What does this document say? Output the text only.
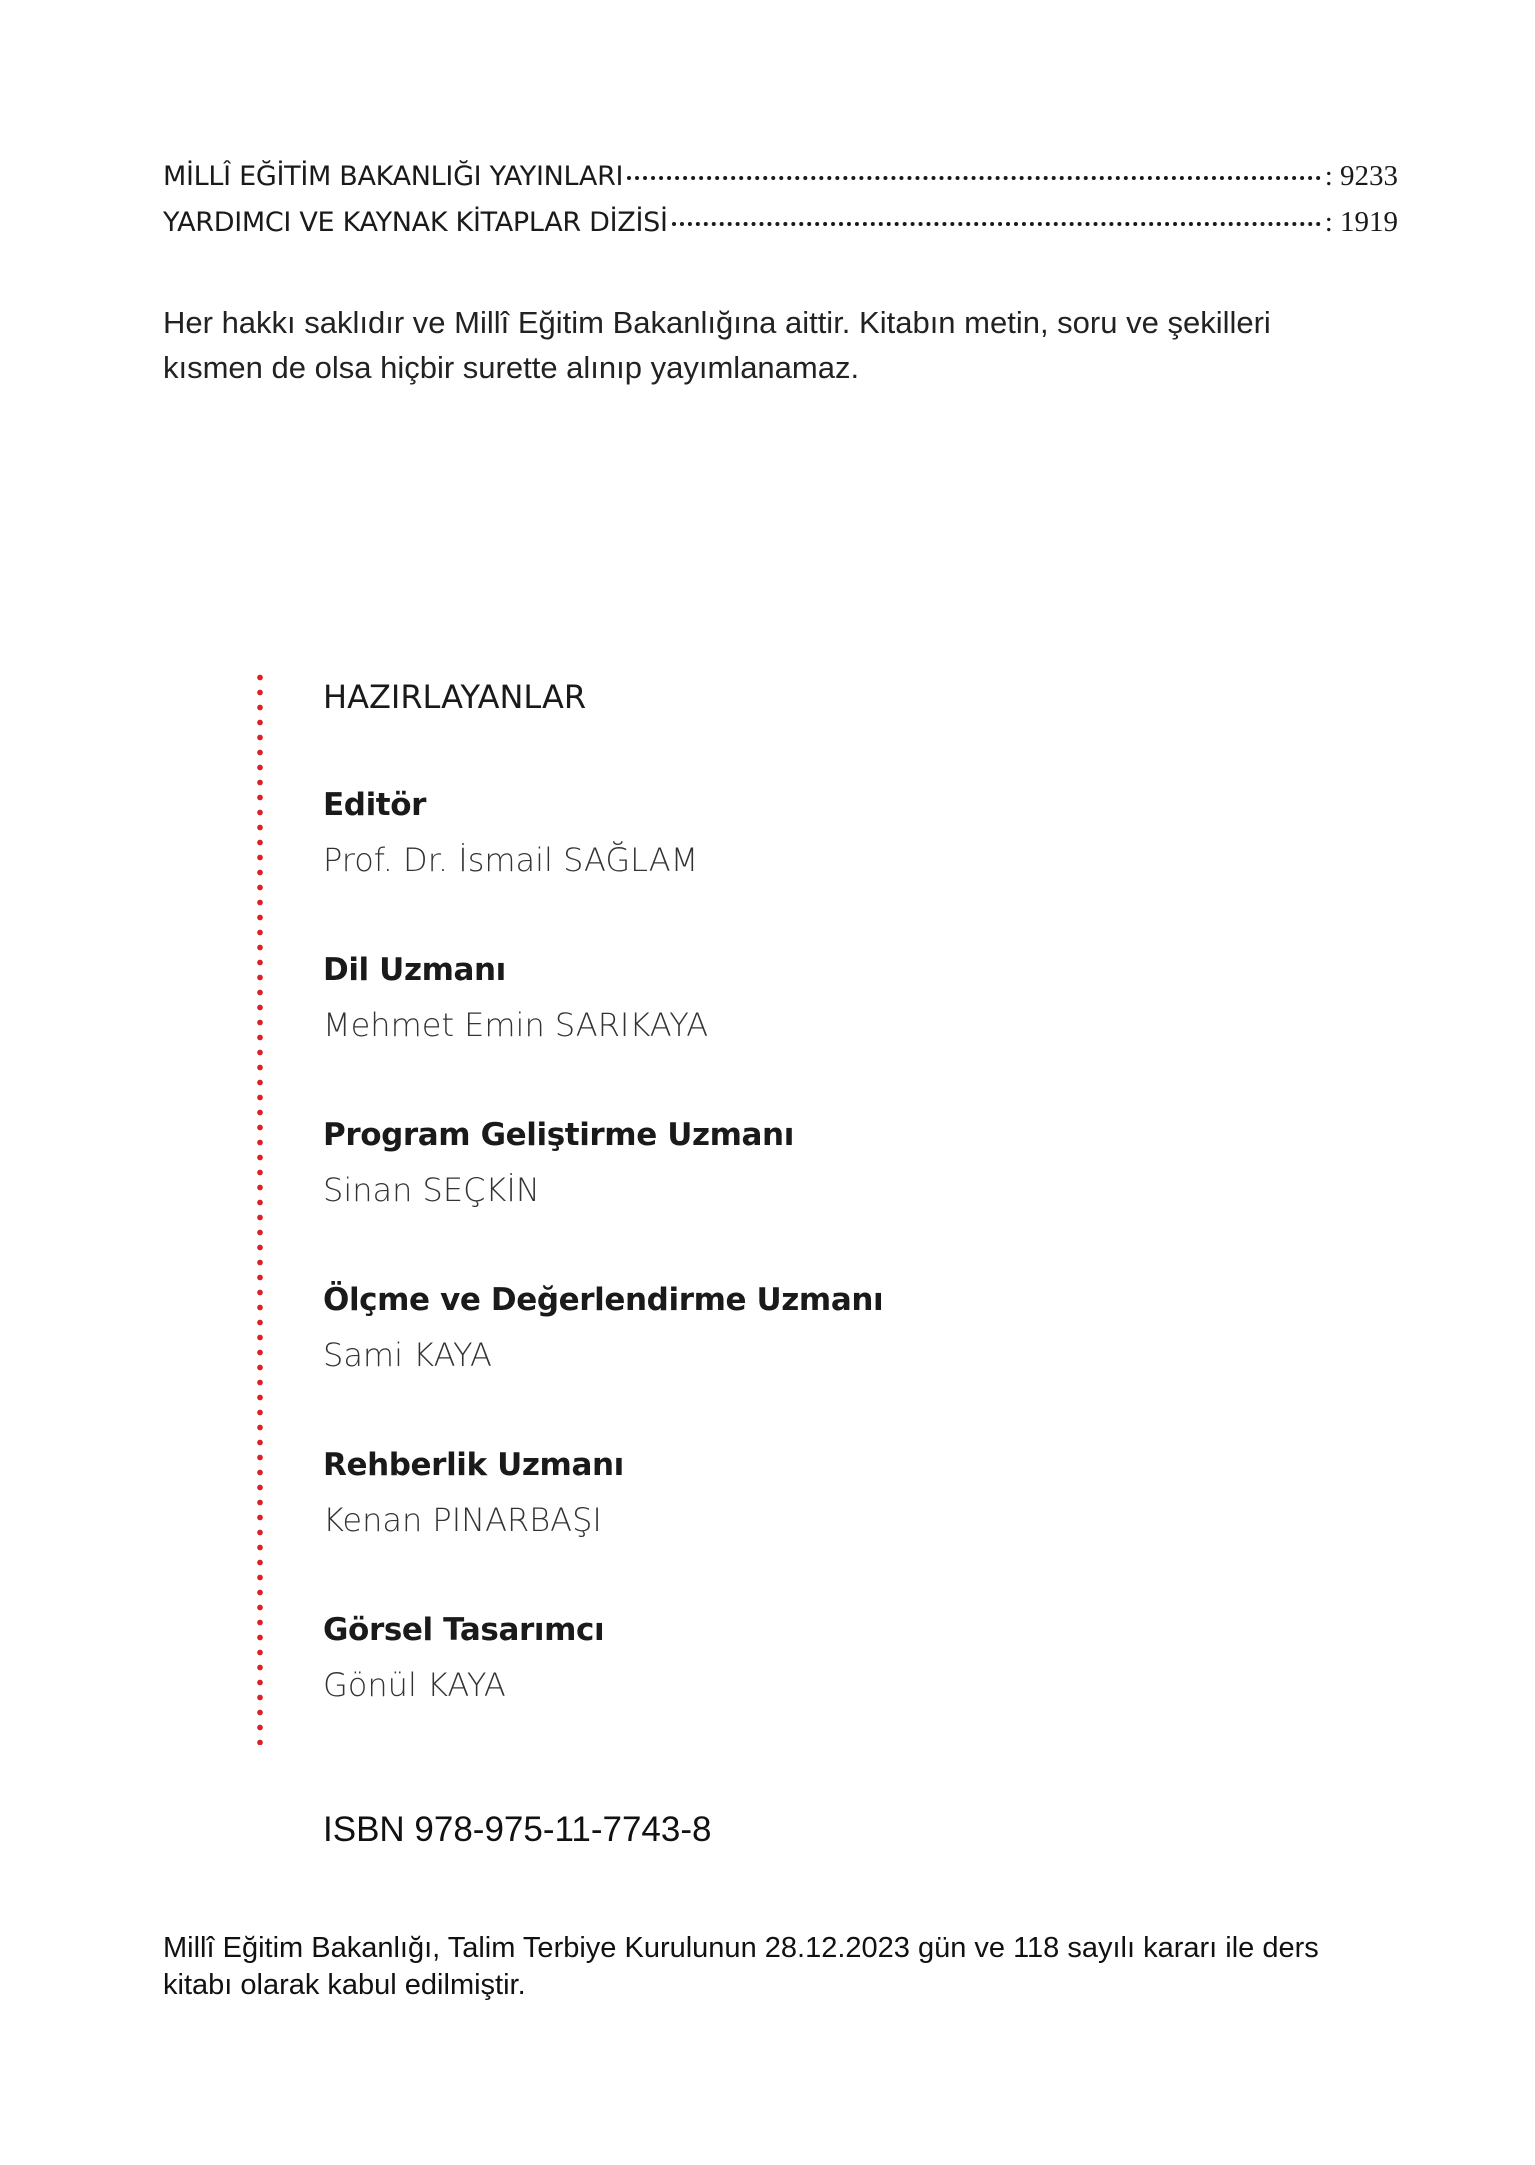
MİLLÎ EĞİTİM BAKANLIĞI YAYINLARI	: 9233
YARDIMCI VE KAYNAK KİTAPLAR DİZİSİ	: 1919
Her hakkı saklıdır ve Millî Eğitim Bakanlığına aittir. Kitabın metin, soru ve şekilleri kısmen de olsa hiçbir surette alınıp yayımlanamaz.
HAZIRLAYANLAR
Editör
Prof. Dr. İsmail SAĞLAM
Dil Uzmanı
Mehmet Emin SARIKAYA
Program Geliştirme Uzmanı
Sinan SEÇKİN
Ölçme ve Değerlendirme Uzmanı
Sami KAYA
Rehberlik Uzmanı
Kenan PINARBAŞI
Görsel Tasarımcı
Gönül KAYA
ISBN 978-975-11-7743-8
Millî Eğitim Bakanlığı, Talim Terbiye Kurulunun 28.12.2023 gün ve 118 sayılı kararı ile ders kitabı olarak kabul edilmiştir.
